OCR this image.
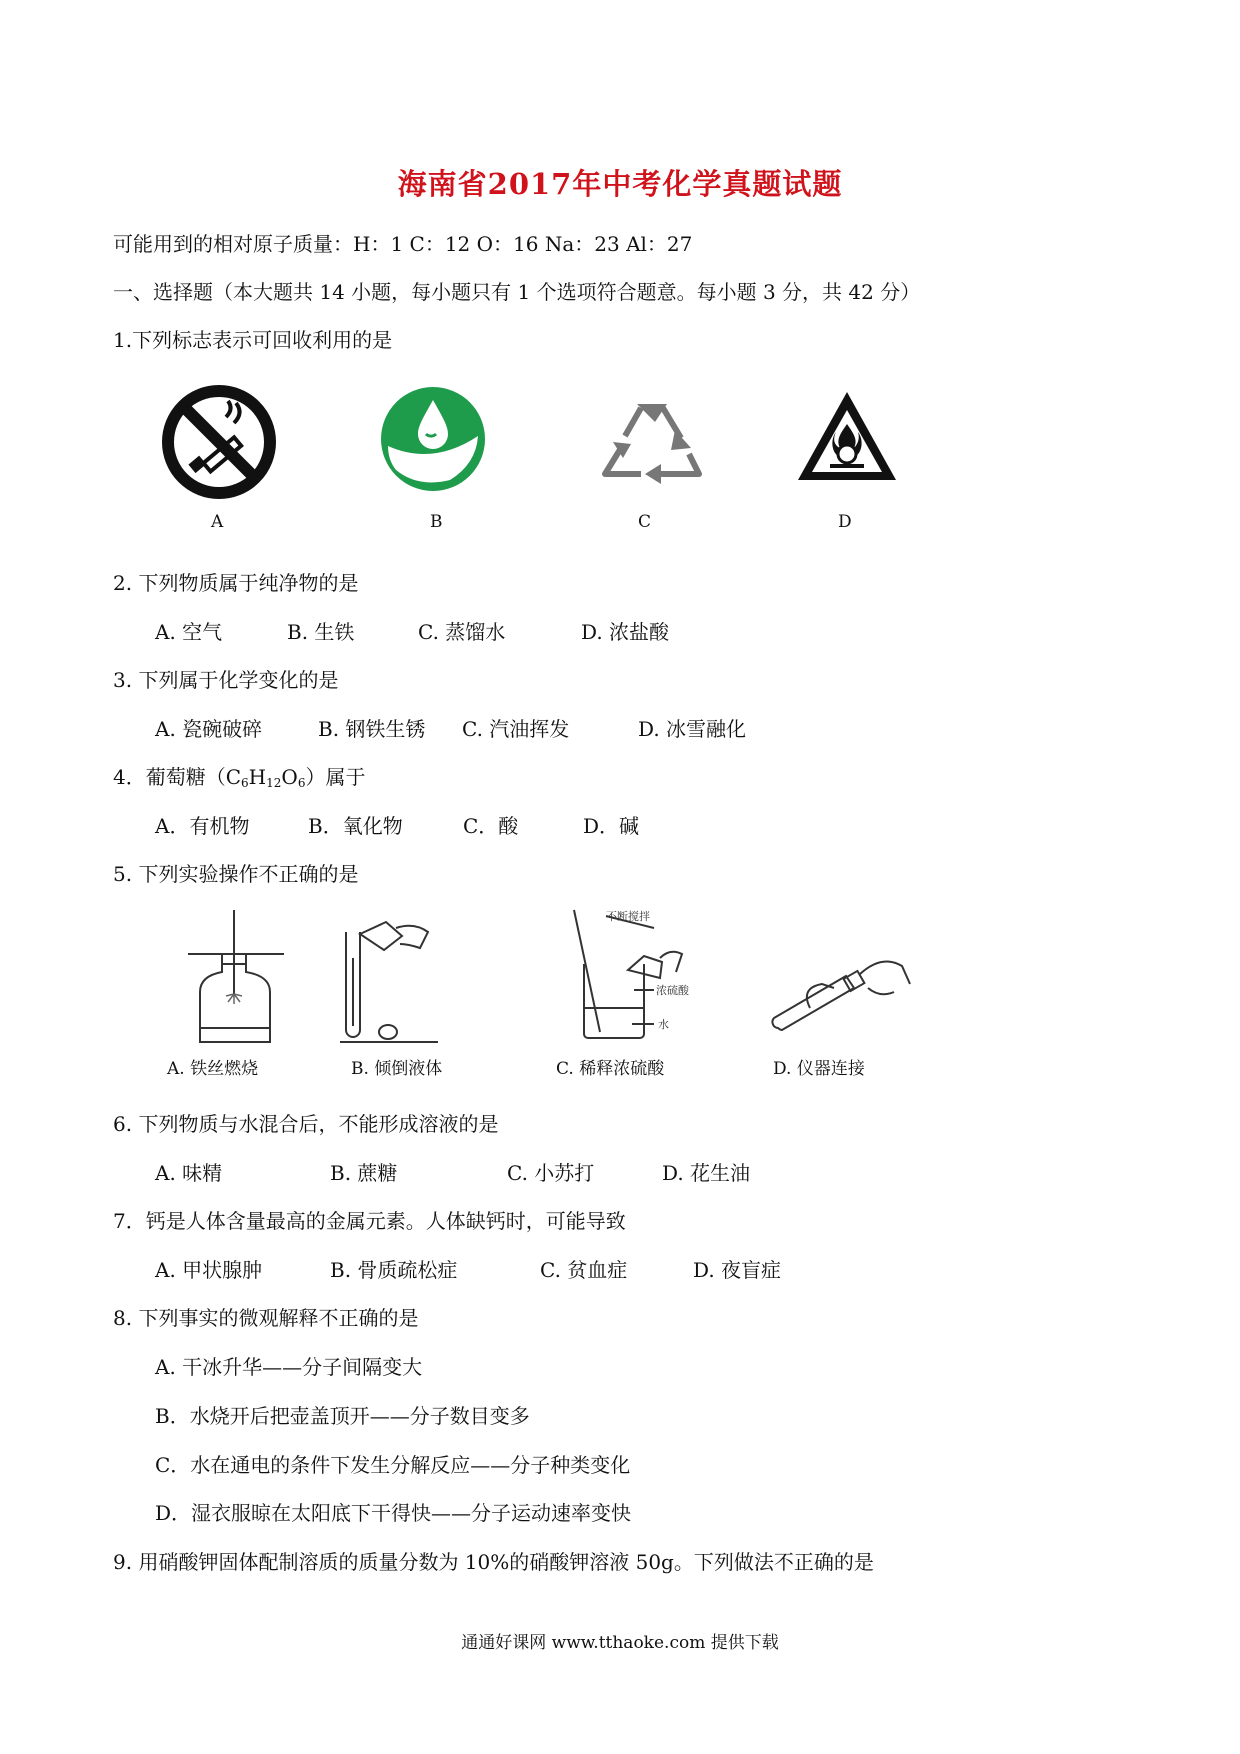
海南省2017年中考化学真题试题
可能用到的相对原子质量：H：1 C：12 O：16 Na：23 Al：27
一、选择题（本大题共 14 小题，每小题只有 1 个选项符合题意。每小题 3 分，共 42 分）
1.下列标志表示可回收利用的是
A	B	C	D
2. 下列物质属于纯净物的是
A. 空气	B. 生铁	C. 蒸馏水	D. 浓盐酸
3. 下列属于化学变化的是
A. 瓷碗破碎	B. 钢铁生锈 C. 汽油挥发	D. 冰雪融化
4．葡萄糖$(C_6H_{12}O_6)$属于
A．有机物	B．氧化物	C．酸	D．碱
5. 下列实验操作不正确的是
不断搅拌
浓硫酸
水
A. 铁丝燃烧	B. 倾倒液体	C. 稀释浓硫酸	D. 仪器连接
6. 下列物质与水混合后，不能形成溶液的是
A. 味精	B. 蔗糖	C. 小苏打	D. 花生油
7．钙是人体含量最高的金属元素。人体缺钙时，可能导致
A. 甲状腺肿	B. 骨质疏松症	C. 贫血症	D. 夜盲症
8. 下列事实的微观解释不正确的是
A. 干冰升华——分子间隔变大
B．水烧开后把壶盖顶开——分子数目变多
C．水在通电的条件下发生分解反应——分子种类变化
D．湿衣服晾在太阳底下干得快——分子运动速率变快
9. 用硝酸钾固体配制溶质的质量分数为 10%的硝酸钾溶液 50g。下列做法不正确的是
通通好课网 www.tthaoke.com 提供下载
